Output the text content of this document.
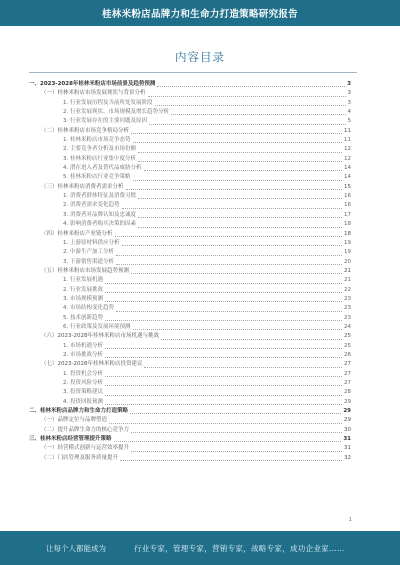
桂林米粉店品牌力和生命力打造策略研究报告
内容目录
一、2023-2028年桂林米粉店市场前景及趋势预测	3
（一）桂林米粉店市场发展现状与背景分析	3
1. 行业发展历程及当前所处发展阶段	3
2. 行业发展现状、市场规模及增长趋势分析	4
3. 行业发展存在的主要问题及原因	5
（二）桂林米粉店市场竞争格局分析	11
1. 桂林米粉店市场竞争态势	11
2. 主要竞争者分析及市场份额	12
3. 桂林米粉店行业集中度分析	12
4. 潜在进入者及替代品威胁分析	14
5. 桂林米粉店行业竞争策略	14
（三）桂林米粉店消费者需求分析	15
1. 消费者群体特征及消费习惯	16
2. 消费者需求变化趋势	16
3. 消费者对品牌认知及忠诚度	17
4. 影响消费者购买决策的因素	18
（四）桂林米粉店产业链分析	18
1. 上游原材料供应分析	19
2. 中游生产加工分析	19
3. 下游销售渠道分析	20
（五）桂林米粉店市场发展趋势预测	21
1. 行业发展机遇	21
2. 行业发展挑战	22
3. 市场规模预测	23
4. 市场结构变化趋势	23
5. 技术创新趋势	23
6. 行业政策及发展环境预测	24
（六）2023-2028年桂林米粉店市场机遇与挑战	25
1. 市场机遇分析	25
2. 市场挑战分析	26
（七）2023-2028年桂林米粉店投资建议	27
1. 投资机会分析	27
2. 投资风险分析	27
3. 投资策略建议	28
4. 投资回报预测	29
二、桂林米粉店品牌力和生命力打造策略	29
（一）品牌定位与品牌塑造	29
（二）提升品牌生命力的核心竞争力	30
三、桂林米粉店经营管理提升策略	31
（一）经营模式创新与运营效率提升	31
（二）门店管理及服务质量提升	32
1
让每个人都能成为	行业专家，管理专家，营销专家，战略专家，成功企业家……
